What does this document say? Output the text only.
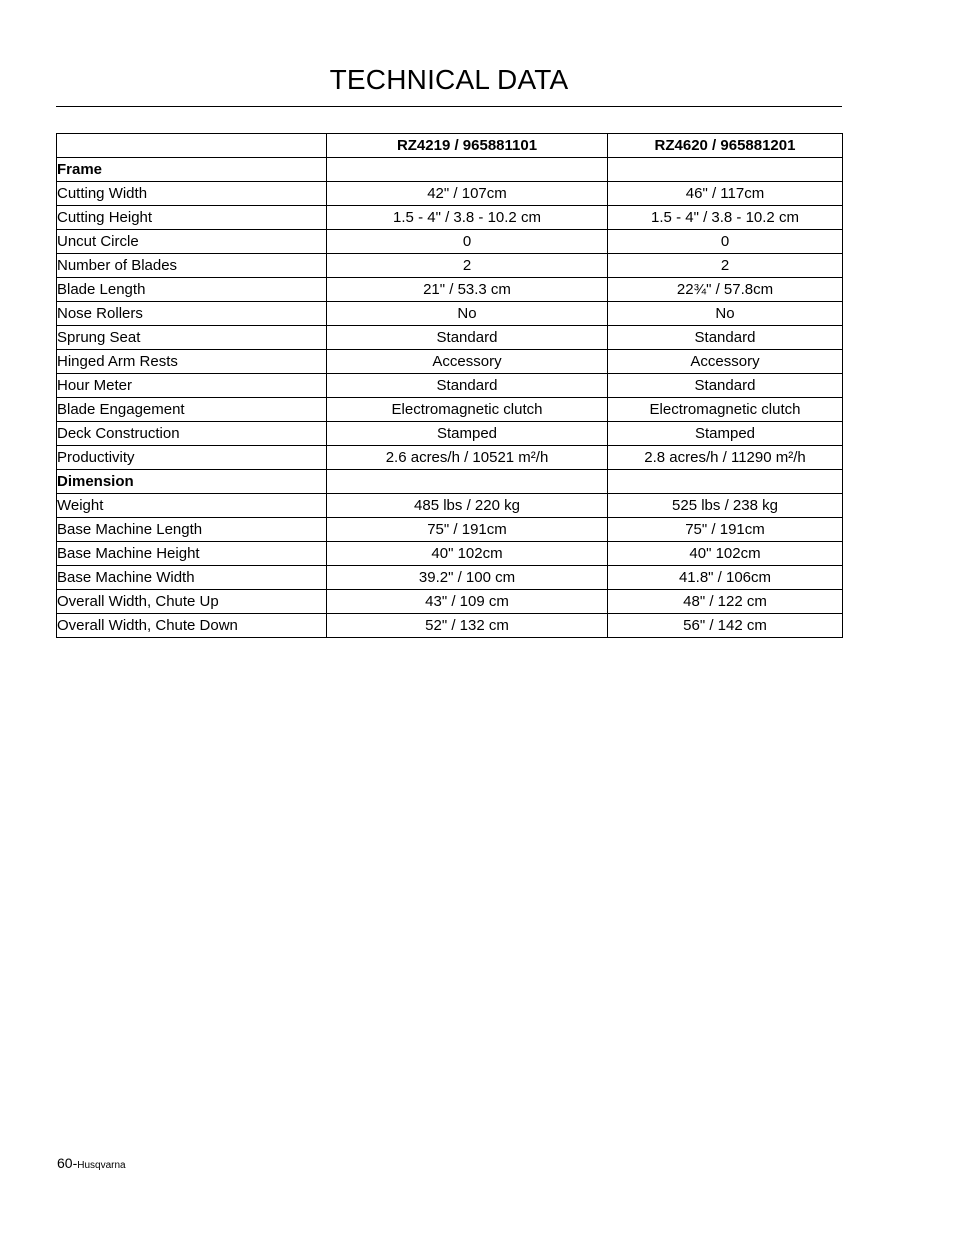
TECHNICAL DATA
	RZ4219 / 965881101	RZ4620 / 965881201
Frame		
Cutting Width	42" / 107cm	46" / 117cm
Cutting Height	1.5 - 4" / 3.8 - 10.2 cm	1.5 - 4" / 3.8 - 10.2 cm
Uncut Circle	0	0
Number of Blades	2	2
Blade Length	21" / 53.3 cm	22¾" / 57.8cm
Nose Rollers	No	No
Sprung Seat	Standard	Standard
Hinged Arm Rests	Accessory	Accessory
Hour Meter	Standard	Standard
Blade Engagement	Electromagnetic clutch	Electromagnetic clutch
Deck Construction	Stamped	Stamped
Productivity	2.6 acres/h / 10521 m²/h	2.8 acres/h / 11290 m²/h
Dimension		
Weight	485 lbs / 220 kg	525 lbs / 238 kg
Base Machine Length	75" / 191cm	75" / 191cm
Base Machine Height	40" 102cm	40" 102cm
Base Machine Width	39.2" / 100 cm	41.8" / 106cm
Overall Width, Chute Up	43" / 109 cm	48" / 122 cm
Overall Width, Chute Down	52" / 132 cm	56" / 142 cm
60-Husqvarna
